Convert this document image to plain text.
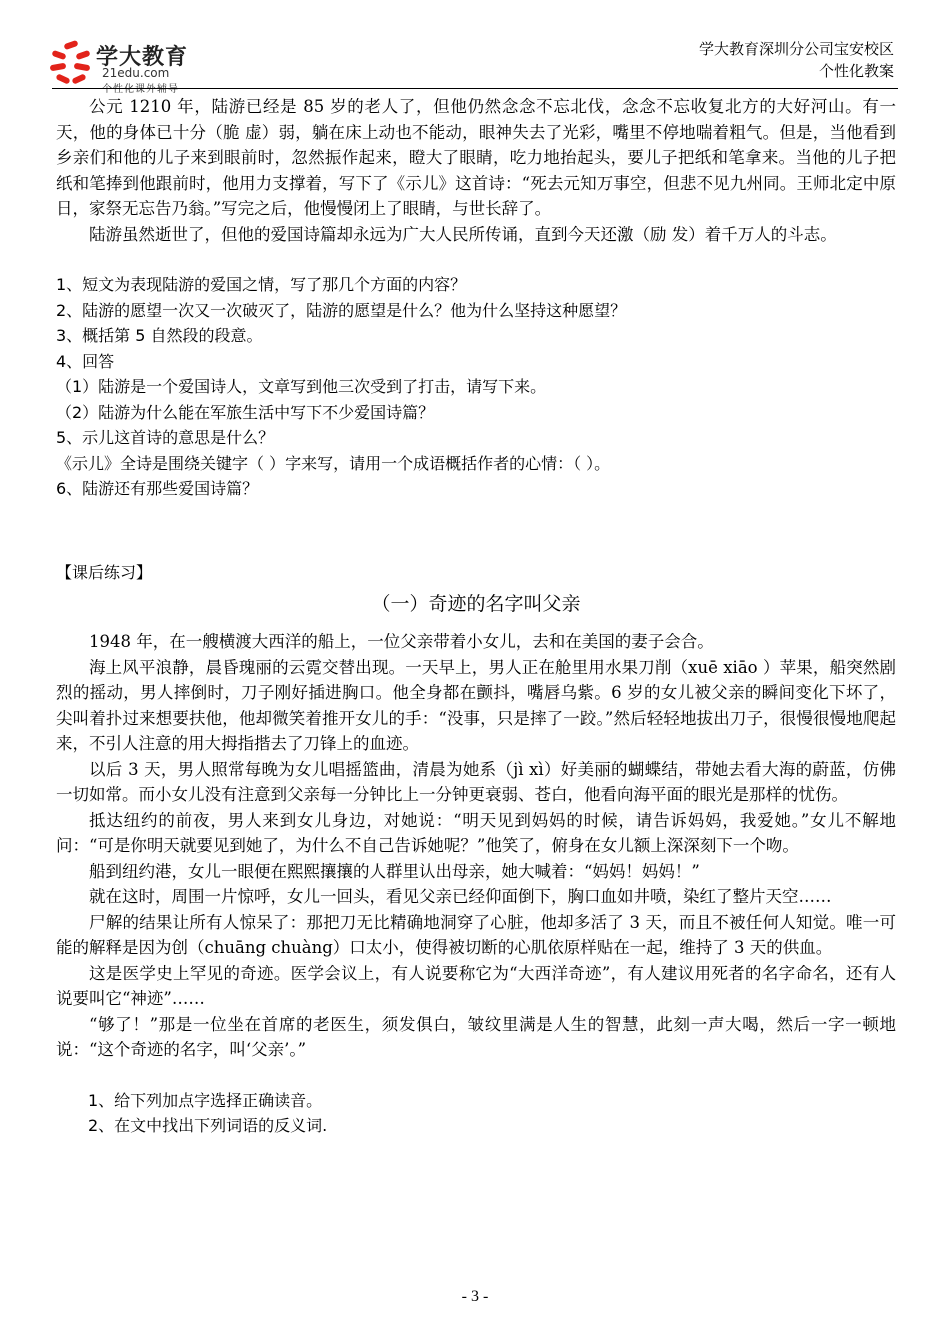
学大教育
21edu.com
个性化课外辅导
学大教育深圳分公司宝安校区
个性化教案

公元 1210 年，陆游已经是 85 岁的老人了，但他仍然念念不忘北伐，念念不忘收复北方的大好河山。有一天，他的身体已十分（脆 虚）弱，躺在床上动也不能动，眼神失去了光彩，嘴里不停地喘着粗气。但是，当他看到乡亲们和他的儿子来到眼前时，忽然振作起来，瞪大了眼睛，吃力地抬起头，要儿子把纸和笔拿来。当他的儿子把纸和笔捧到他跟前时，他用力支撑着，写下了《示儿》这首诗：“死去元知万事空，但悲不见九州同。王师北定中原日，家祭无忘告乃翁。”写完之后，他慢慢闭上了眼睛，与世长辞了。

陆游虽然逝世了，但他的爱国诗篇却永远为广大人民所传诵，直到今天还激（励 发）着千万人的斗志。

1、短文为表现陆游的爱国之情，写了那几个方面的内容？

2、陆游的愿望一次又一次破灭了，陆游的愿望是什么？他为什么坚持这种愿望？

3、概括第 5 自然段的段意。

4、回答

（1）陆游是一个爱国诗人，文章写到他三次受到了打击，请写下来。

（2）陆游为什么能在军旅生活中写下不少爱国诗篇？

5、示儿这首诗的意思是什么？

《示儿》全诗是围绕关键字（ ）字来写，请用一个成语概括作者的心情：（ ）。

6、陆游还有那些爱国诗篇？

【课后练习】

（一）奇迹的名字叫父亲

1948 年，在一艘横渡大西洋的船上，一位父亲带着小女儿，去和在美国的妻子会合。

海上风平浪静，晨昏瑰丽的云霓交替出现。一天早上，男人正在舱里用水果刀削（xuē xiāo ）苹果，船突然剧烈的摇动，男人摔倒时，刀子刚好插进胸口。他全身都在颤抖，嘴唇乌紫。6 岁的女儿被父亲的瞬间变化下坏了，尖叫着扑过来想要扶他，他却微笑着推开女儿的手：“没事，只是摔了一跤。”然后轻轻地拔出刀子，很慢很慢地爬起来，不引人注意的用大拇指揩去了刀锋上的血迹。

以后 3 天，男人照常每晚为女儿唱摇篮曲，清晨为她系（jì xì）好美丽的蝴蝶结，带她去看大海的蔚蓝，仿佛一切如常。而小女儿没有注意到父亲每一分钟比上一分钟更衰弱、苍白，他看向海平面的眼光是那样的忧伤。

抵达纽约的前夜，男人来到女儿身边，对她说：“明天见到妈妈的时候，请告诉妈妈，我爱她。”女儿不解地问：“可是你明天就要见到她了，为什么不自己告诉她呢？”他笑了，俯身在女儿额上深深刻下一个吻。

船到纽约港，女儿一眼便在熙熙攘攘的人群里认出母亲，她大喊着：“妈妈！妈妈！”

就在这时，周围一片惊呼，女儿一回头，看见父亲已经仰面倒下，胸口血如井喷，染红了整片天空……

尸解的结果让所有人惊呆了：那把刀无比精确地洞穿了心脏，他却多活了 3 天，而且不被任何人知觉。唯一可能的解释是因为创（chuāng chuàng）口太小，使得被切断的心肌依原样贴在一起，维持了 3 天的供血。

这是医学史上罕见的奇迹。医学会议上，有人说要称它为“大西洋奇迹”，有人建议用死者的名字命名，还有人说要叫它“神迹”……

“够了！”那是一位坐在首席的老医生，须发俱白，皱纹里满是人生的智慧，此刻一声大喝，然后一字一顿地说：“这个奇迹的名字，叫‘父亲’。”

1、给下列加点字选择正确读音。

2、在文中找出下列词语的反义词.

- 3 -
